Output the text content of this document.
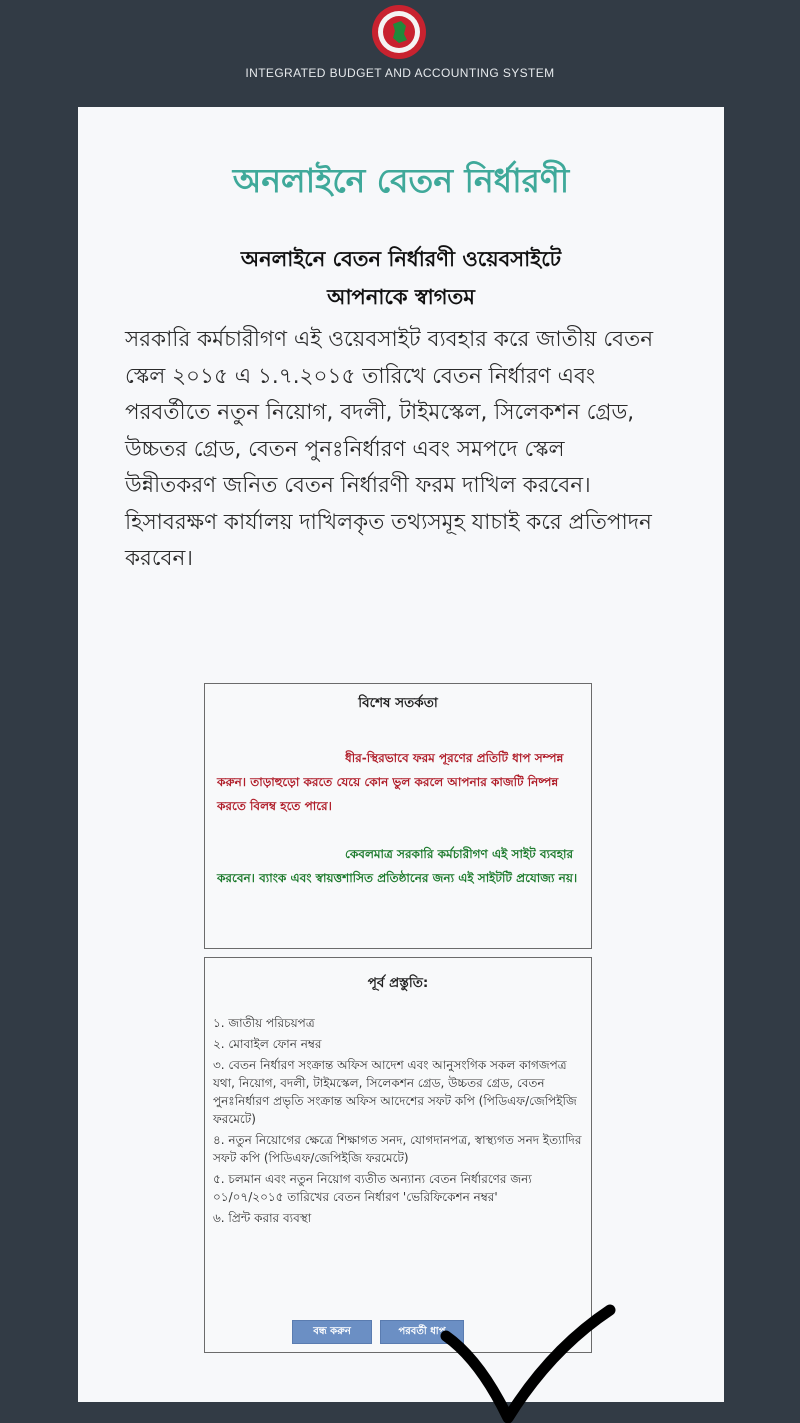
INTEGRATED BUDGET AND ACCOUNTING SYSTEM
অনলাইনে বেতন নির্ধারণী
অনলাইনে বেতন নির্ধারণী ওয়েবসাইটে
আপনাকে স্বাগতম
সরকারি কর্মচারীগণ এই ওয়েবসাইট ব্যবহার করে জাতীয় বেতন স্কেল ২০১৫ এ ১.৭.২০১৫ তারিখে বেতন নির্ধারণ এবং পরবর্তীতে নতুন নিয়োগ, বদলী, টাইমস্কেল, সিলেকশন গ্রেড, উচ্চতর গ্রেড, বেতন পুনঃনির্ধারণ এবং সমপদে স্কেল উন্নীতকরণ জনিত বেতন নির্ধারণী ফরম দাখিল করবেন। হিসাবরক্ষণ কার্যালয় দাখিলকৃত তথ্যসমূহ যাচাই করে প্রতিপাদন করবেন।
বিশেষ সতর্কতা
ধীর-স্থিরভাবে ফরম পূরণের প্রতিটি ধাপ সম্পন্ন করুন। তাড়াহুড়ো করতে যেয়ে কোন ভুল করলে আপনার কাজটি নিষ্পন্ন করতে বিলম্ব হতে পারে।
কেবলমাত্র সরকারি কর্মচারীগণ এই সাইট ব্যবহার করবেন। ব্যাংক এবং স্বায়ত্তশাসিত প্রতিষ্ঠানের জন্য এই সাইটটি প্রযোজ্য নয়।
পূর্ব প্রস্তুতি:
১. জাতীয় পরিচয়পত্র
২. মোবাইল ফোন নম্বর
৩. বেতন নির্ধারণ সংক্রান্ত অফিস আদেশ এবং আনুসংগিক সকল কাগজপত্র যথা, নিয়োগ, বদলী, টাইমস্কেল, সিলেকশন গ্রেড, উচ্চতর গ্রেড, বেতন পুনঃনির্ধারণ প্রভৃতি সংক্রান্ত অফিস আদেশের সফট কপি (পিডিএফ/জেপিইজি ফরমেটে)
৪. নতুন নিয়োগের ক্ষেত্রে শিক্ষাগত সনদ, যোগদানপত্র, স্বাস্থ্যগত সনদ ইত্যাদির সফট কপি (পিডিএফ/জেপিইজি ফরমেটে)
৫. চলমান এবং নতুন নিয়োগ ব্যতীত অন্যান্য বেতন নির্ধারণের জন্য ০১/০৭/২০১৫ তারিখের বেতন নির্ধারণ 'ভেরিফিকেশন নম্বর'
৬. প্রিন্ট করার ব্যবস্থা
বন্ধ করুন	পরবর্তী ধাপ
